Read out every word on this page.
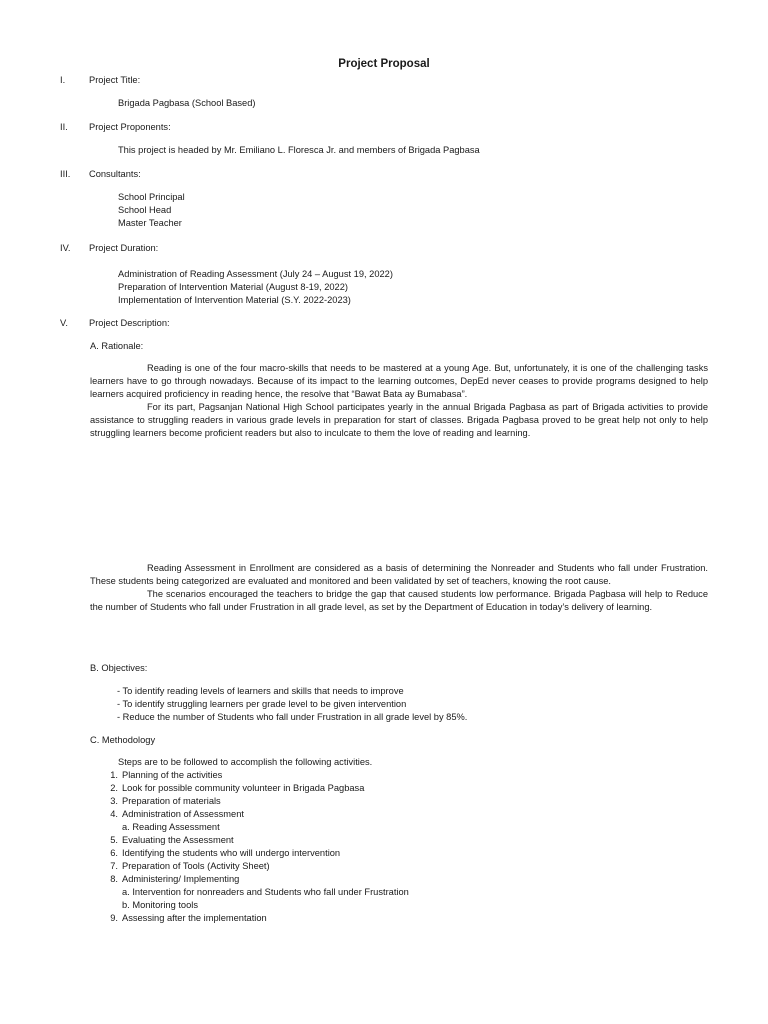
Project Proposal
I.	Project Title:
Brigada Pagbasa (School Based)
II. Project Proponents:
This project is headed by Mr. Emiliano L. Floresca Jr. and members of Brigada Pagbasa
III. Consultants:
School Principal
School Head
Master Teacher
IV. Project Duration:
Administration of Reading Assessment (July 24 – August 19, 2022)
Preparation of Intervention Material (August 8-19, 2022)
Implementation of Intervention Material (S.Y. 2022-2023)
V. Project Description:
A. Rationale:

Reading is one of the four macro-skills that needs to be mastered at a young Age. But, unfortunately, it is one of the challenging tasks learners have to go through nowadays. Because of its impact to the learning outcomes, DepEd never ceases to provide programs designed to help learners acquired proficiency in reading hence, the resolve that “Bawat Bata ay Bumabasa”.

For its part, Pagsanjan National High School participates yearly in the annual Brigada Pagbasa as part of Brigada activities to provide assistance to struggling readers in various grade levels in preparation for start of classes. Brigada Pagbasa proved to be great help not only to help struggling learners become proficient readers but also to inculcate to them the love of reading and learning.

Reading Assessment in Enrollment are considered as a basis of determining the Nonreader and Students who fall under Frustration. These students being categorized are evaluated and monitored and been validated by set of teachers, knowing the root cause.

The scenarios encouraged the teachers to bridge the gap that caused students low performance. Brigada Pagbasa will help to Reduce the number of Students who fall under Frustration in all grade level, as set by the Department of Education in today’s delivery of learning.

B. Objectives:
- To identify reading levels of learners and skills that needs to improve
- To identify struggling learners per grade level to be given intervention
- Reduce the number of Students who fall under Frustration in all grade level by 85%.
C. Methodology
Steps are to be followed to accomplish the following activities.
1. Planning of the activities
2. Look for possible community volunteer in Brigada Pagbasa
3. Preparation of materials
4. Administration of Assessment
a. Reading Assessment
5. Evaluating the Assessment
6. Identifying the students who will undergo intervention
7. Preparation of Tools (Activity Sheet)
8. Administering/ Implementing
a. Intervention for nonreaders and Students who fall under Frustration
b. Monitoring tools
9. Assessing after the implementation
